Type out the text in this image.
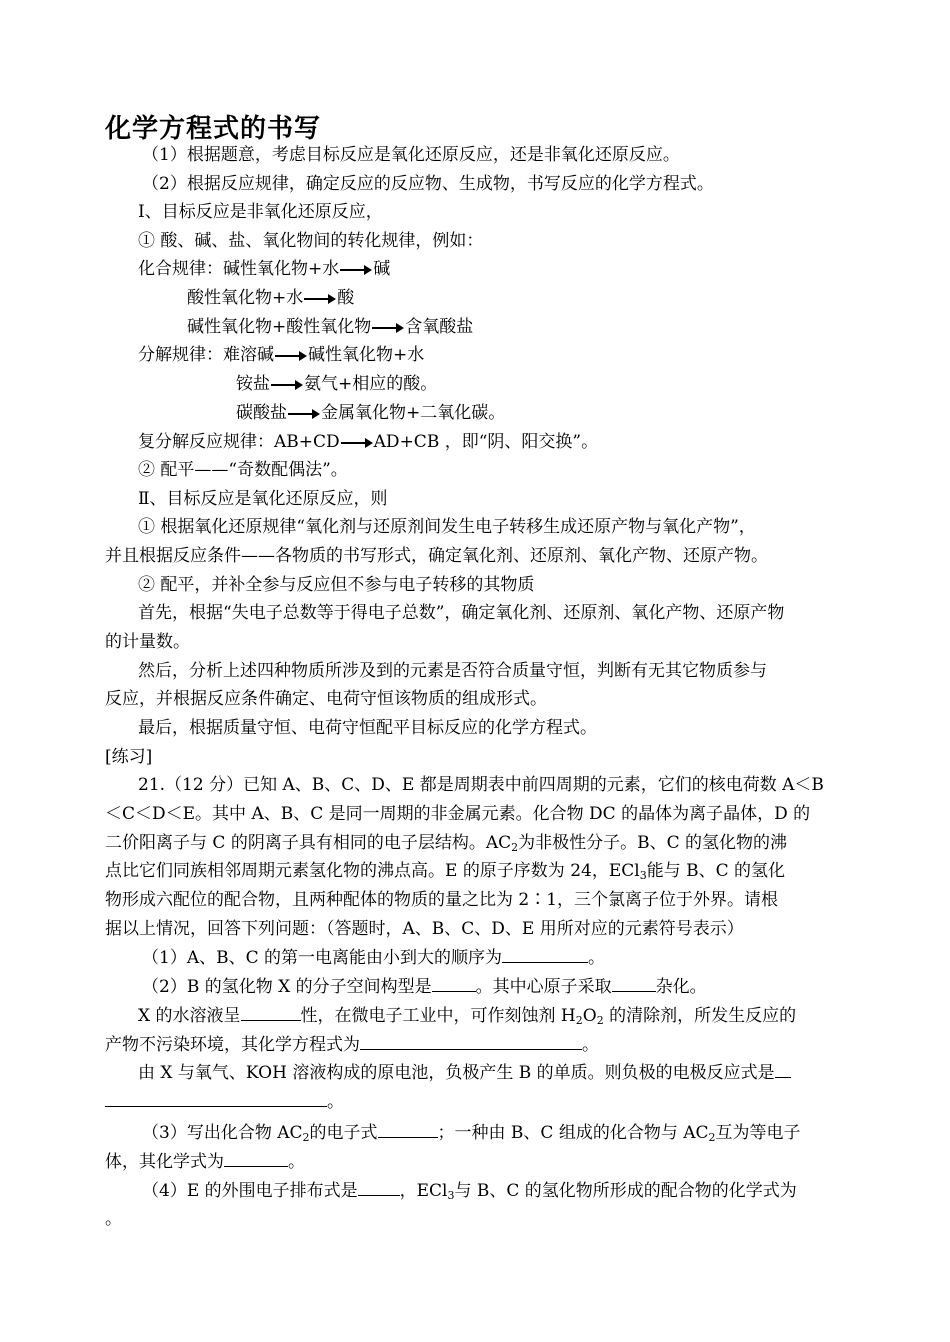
化学方程式的书写
（1）根据题意，考虑目标反应是氧化还原反应，还是非氧化还原反应。
（2）根据反应规律，确定反应的反应物、生成物，书写反应的化学方程式。
I、目标反应是非氧化还原反应，
① 酸、碱、盐、氧化物间的转化规律，例如：
化合规律：碱性氧化物+水 碱
酸性氧化物+水 酸
碱性氧化物+酸性氧化物 含氧酸盐
分解规律：难溶碱 碱性氧化物+水
铵盐 氨气+相应的酸。
碳酸盐 金属氧化物+二氧化碳。
复分解反应规律：AB+CD AD+CB ，即“阴、阳交换”。
② 配平——“奇数配偶法”。
Ⅱ、目标反应是氧化还原反应，则
① 根据氧化还原规律“氧化剂与还原剂间发生电子转移生成还原产物与氧化产物”，
并且根据反应条件——各物质的书写形式，确定氧化剂、还原剂、氧化产物、还原产物。
② 配平，并补全参与反应但不参与电子转移的其物质
首先，根据“失电子总数等于得电子总数”，确定氧化剂、还原剂、氧化产物、还原产物
的计量数。
然后，分析上述四种物质所涉及到的元素是否符合质量守恒，判断有无其它物质参与
反应，并根据反应条件确定、电荷守恒该物质的组成形式。
最后，根据质量守恒、电荷守恒配平目标反应的化学方程式。
[练习]
21.（12 分）已知 A、B、C、D、E 都是周期表中前四周期的元素，它们的核电荷数 A＜B
＜C＜D＜E。其中 A、B、C 是同一周期的非金属元素。化合物 DC 的晶体为离子晶体，D 的
二价阳离子与 C 的阴离子具有相同的电子层结构。$AC_2$为非极性分子。B、C 的氢化物的沸
点比它们同族相邻周期元素氢化物的沸点高。E 的原子序数为 24，ECl$_3$能与 B、C 的氢化
物形成六配位的配合物，且两种配体的物质的量之比为 2∶1，三个氯离子位于外界。请根
据以上情况，回答下列问题：（答题时，A、B、C、D、E 用所对应的元素符号表示）
（1）A、B、C 的第一电离能由小到大的顺序为	。
（2）B 的氢化物 X 的分子空间构型是	。其中心原子采取	杂化。
X 的水溶液呈	性，在微电子工业中，可作刻蚀剂 $H_2O_2$ 的清除剂，所发生反应的
产物不污染环境，其化学方程式为	。
由 X 与氧气、KOH 溶液构成的原电池，负极产生 B 的单质。则负极的电极反应式是
。
（3）写出化合物 $AC_2$的电子式	；一种由 B、C 组成的化合物与 $AC_2$互为等电子
体，其化学式为	。
（4）E 的外围电子排布式是 ，ECl$_3$与 B、C 的氢化物所形成的配合物的化学式为
。
